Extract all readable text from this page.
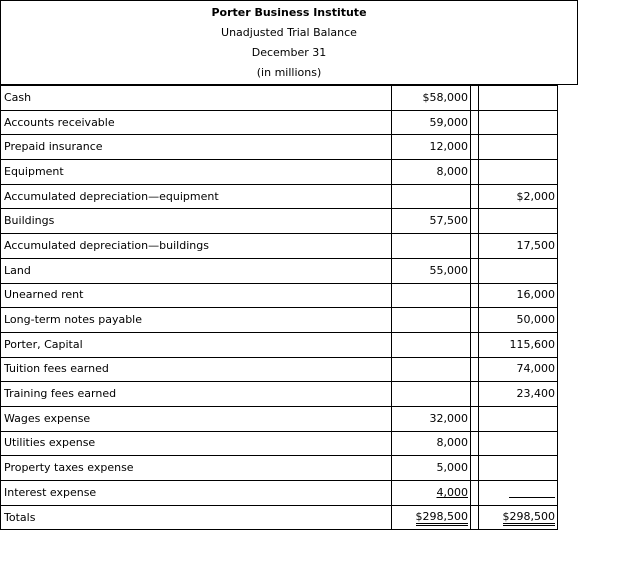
Porter Business Institute
Unadjusted Trial Balance
December 31
(in millions)
Cash	$58,000		
Accounts receivable	59,000		
Prepaid insurance	12,000		
Equipment	8,000		
Accumulated depreciation—equipment			$2,000
Buildings	57,500		
Accumulated depreciation—buildings			17,500
Land	55,000		
Unearned rent			16,000
Long-term notes payable			50,000
Porter, Capital			115,600
Tuition fees earned			74,000
Training fees earned			23,400
Wages expense	32,000		
Utilities expense	8,000		
Property taxes expense	5,000		
Interest expense	4,000		
Totals	$298,500		$298,500
